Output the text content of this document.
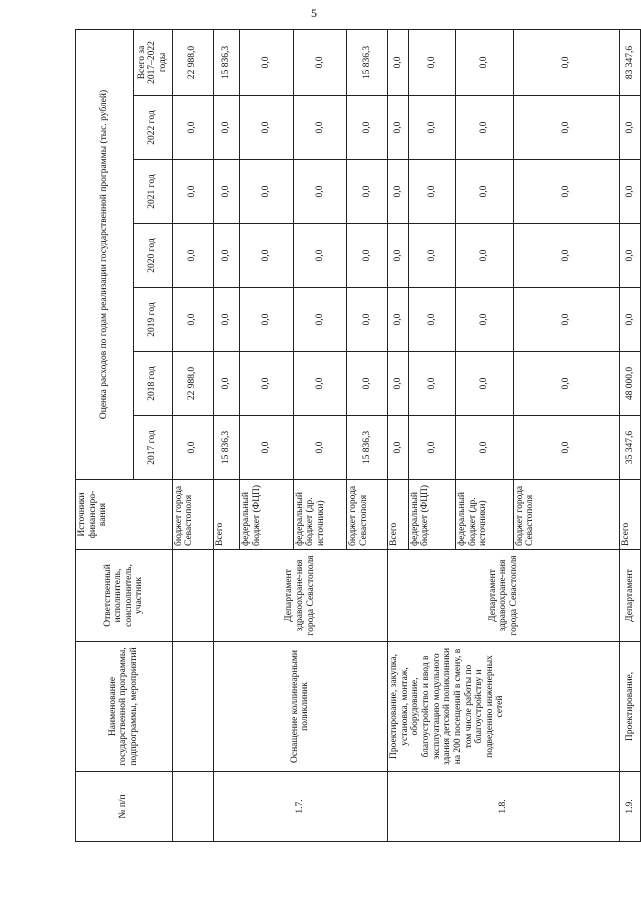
5
№ п/п	Наименование государственной программы, подпрограммы, мероприятий	Ответственный исполнитель, соисполнитель, участник	Источники финансиро-вания	Оценка расходов по годам реализации государственной программы (тыс. рублей)						
				2017 год	2018 год	2019 год	2020 год	2021 год	2022 год	Всего за 2017–2022 годы
			бюджет города Севастополя	0,0	22 988,0	0,0	0,0	0,0	0,0	22 988,0
1.7.	Оснащение коллинеарными поликлиник	Департамент здравоохране-ния города Севастополя	Всего	15 836,3	0,0	0,0	0,0	0,0	0,0	15 836,3
			федеральный бюджет (ФЦП)	0,0	0,0	0,0	0,0	0,0	0,0	0,0
			федеральный бюджет (др. источники)	0,0	0,0	0,0	0,0	0,0	0,0	0,0
			бюджет города Севастополя	15 836,3	0,0	0,0	0,0	0,0	0,0	15 836,3
1.8.	Проектирование, закупка, установка, монтаж, оборудование, благоустройство и ввод в эксплуатацию модульного здания детской поликлиники на 200 посещений в смену, в том числе работы по благоустройству и подведению инженерных сетей	Департамент здравоохране-ния города Севастополя	Всего	0,0	0,0	0,0	0,0	0,0	0,0	0,0
			федеральный бюджет (ФЦП)	0,0	0,0	0,0	0,0	0,0	0,0	0,0
			федеральный бюджет (др. источники)	0,0	0,0	0,0	0,0	0,0	0,0	0,0
			бюджет города Севастополя	0,0	0,0	0,0	0,0	0,0	0,0	0,0
1.9.	Проектирование,	Департамент	Всего	35 347,6	48 000,0	0,0	0,0	0,0	0,0	83 347,6
